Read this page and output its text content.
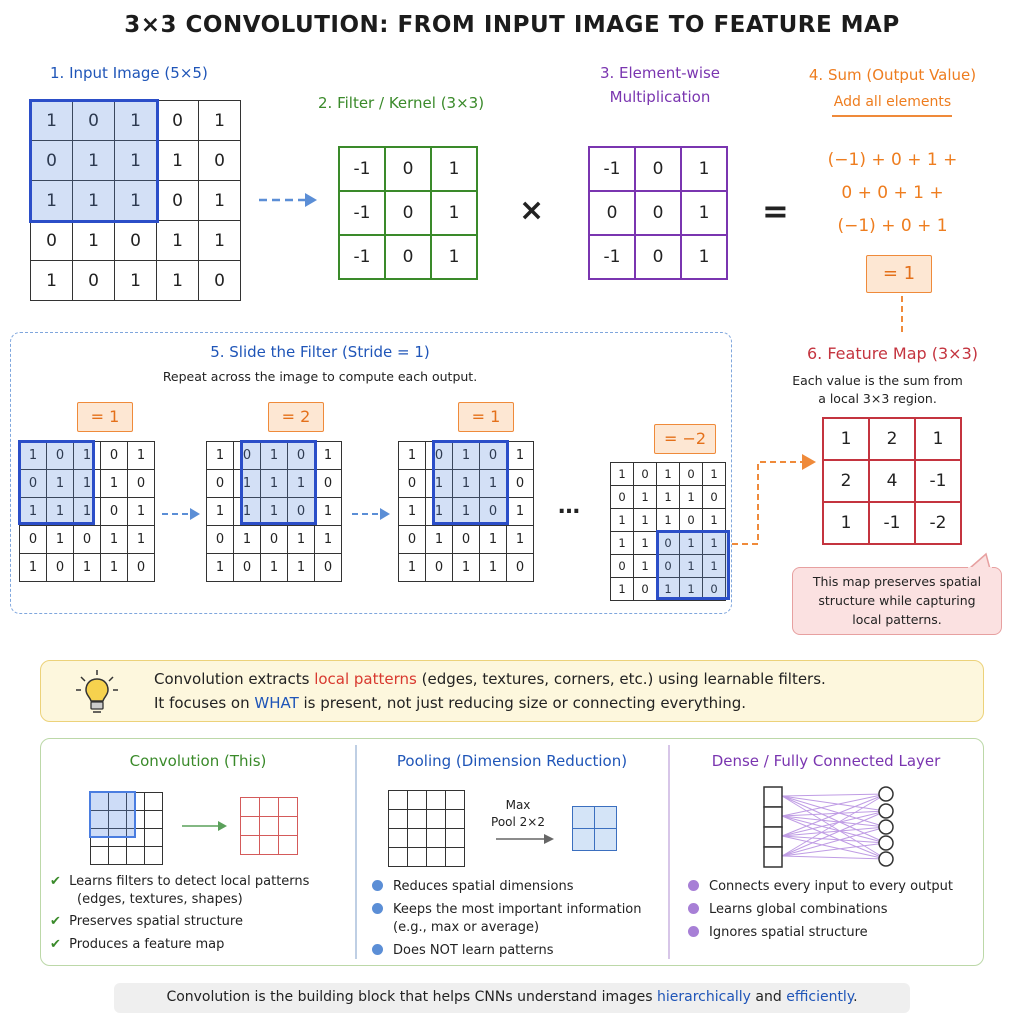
3×3 CONVOLUTION: FROM INPUT IMAGE TO FEATURE MAP
1. Input Image (5×5)
1	0	1	0	1
0	1	1	1	0
1	1	1	0	1
0	1	0	1	1
1	0	1	1	0
2. Filter / Kernel (3×3)
-1	0	1
-1	0	1
-1	0	1
×
3. Element-wise
Multiplication
-1	0	1
0	0	1
-1	0	1
=
4. Sum (Output Value)
Add all elements
(−1) + 0 + 1 +
0 + 0 + 1 +
(−1) + 0 + 1
= 1
5. Slide the Filter (Stride = 1)
Repeat across the image to compute each output.
= 1	= 2	= 1
= −2
1	0	1	0	1
0	1	1	1	0
1	1	1	0	1
0	1	0	1	1
1	0	1	1	0
1	0	1	0	1
0	1	1	1	0
1	1	1	0	1
0	1	0	1	1
1	0	1	1	0
1	0	1	0	1
0	1	1	1	0
1	1	1	0	1
0	1	0	1	1
1	0	1	1	0
1	0	1	0	1
0	1	1	1	0
1	1	1	0	1
1	1	0	1	1
0	1	0	1	1
1	0	1	1	0
…
6. Feature Map (3×3)
Each value is the sum from
a local 3×3 region.
1	2	1
2	4	-1
1	-1	-2
This map preserves spatial
structure while capturing
local patterns.
Convolution extracts local patterns (edges, textures, corners, etc.) using learnable filters.
It focuses on WHAT is present, not just reducing size or connecting everything.
Convolution (This)

✔ Learns filters to detect local patterns
(edges, textures, shapes)
✔ Preserves spatial structure
✔ Produces a feature map
Pooling (Dimension Reduction)

Max
Pool 2×2

Reduces spatial dimensions
Keeps the most important information
(e.g., max or average)
Does NOT learn patterns
Dense / Fully Connected Layer
Connects every input to every output
Learns global combinations
Ignores spatial structure
Convolution is the building block that helps CNNs understand images hierarchically and efficiently.
